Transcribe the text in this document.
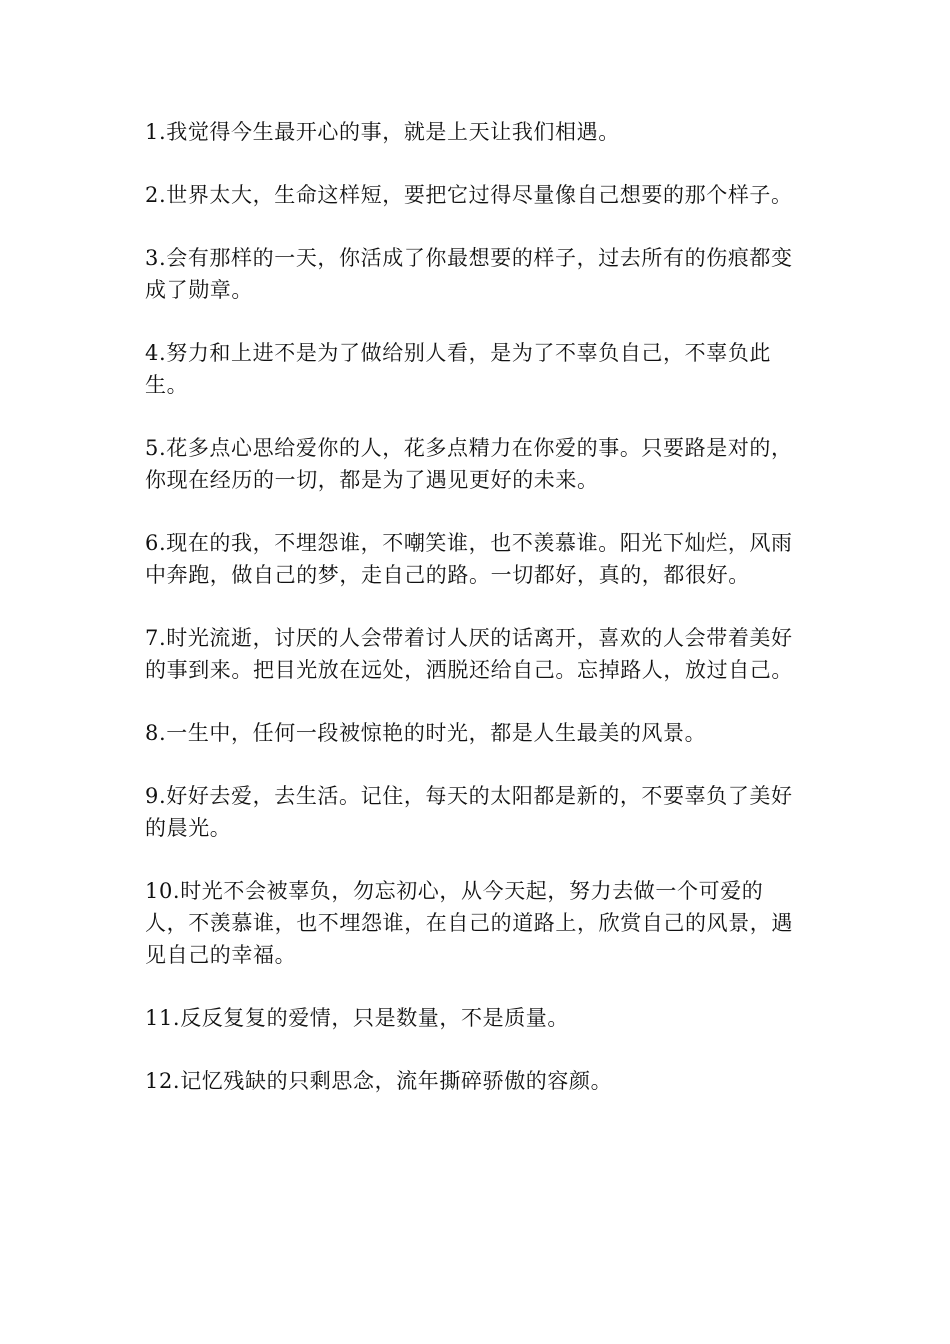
1.我觉得今生最开心的事，就是上天让我们相遇。

2.世界太大，生命这样短，要把它过得尽量像自己想要的那个样子。

3.会有那样的一天，你活成了你最想要的样子，过去所有的伤痕都变成了勋章。

4.努力和上进不是为了做给别人看，是为了不辜负自己，不辜负此生。

5.花多点心思给爱你的人，花多点精力在你爱的事。只要路是对的，你现在经历的一切，都是为了遇见更好的未来。

6.现在的我，不埋怨谁，不嘲笑谁，也不羡慕谁。阳光下灿烂，风雨中奔跑，做自己的梦，走自己的路。一切都好，真的，都很好。

7.时光流逝，讨厌的人会带着讨人厌的话离开，喜欢的人会带着美好的事到来。把目光放在远处，洒脱还给自己。忘掉路人，放过自己。

8.一生中，任何一段被惊艳的时光，都是人生最美的风景。

9.好好去爱，去生活。记住，每天的太阳都是新的，不要辜负了美好的晨光。

10.时光不会被辜负，勿忘初心，从今天起，努力去做一个可爱的人，不羡慕谁，也不埋怨谁，在自己的道路上，欣赏自己的风景，遇见自己的幸福。

11.反反复复的爱情，只是数量，不是质量。

12.记忆残缺的只剩思念，流年撕碎骄傲的容颜。
